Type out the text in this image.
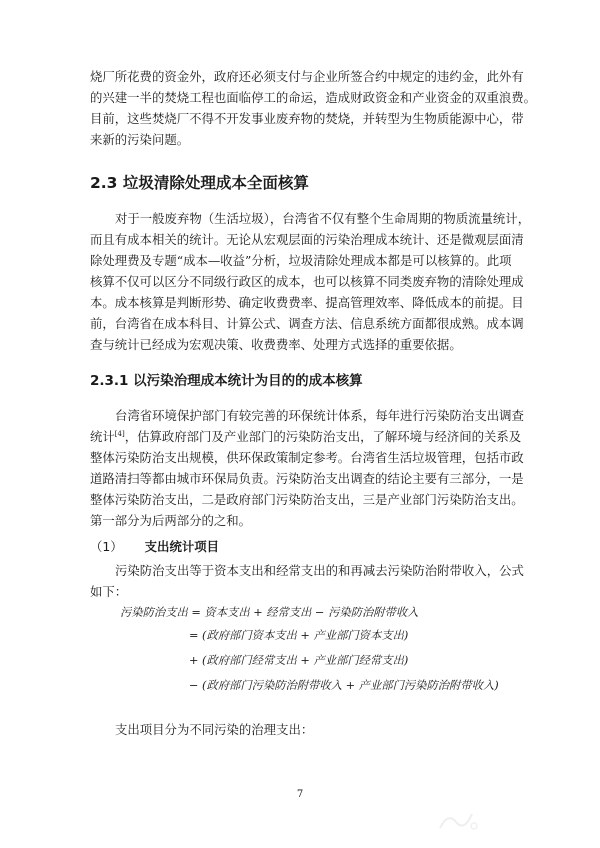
烧厂所花费的资金外，政府还必须支付与企业所签合约中规定的违约金，此外有
的兴建一半的焚烧工程也面临停工的命运，造成财政资金和产业资金的双重浪费。
目前，这些焚烧厂不得不开发事业废弃物的焚烧，并转型为生物质能源中心，带
来新的污染问题。
2.3 垃圾清除处理成本全面核算
对于一般废弃物（生活垃圾），台湾省不仅有整个生命周期的物质流量统计，
而且有成本相关的统计。无论从宏观层面的污染治理成本统计、还是微观层面清
除处理费及专题“成本—收益”分析，垃圾清除处理成本都是可以核算的。此项
核算不仅可以区分不同级行政区的成本，也可以核算不同类废弃物的清除处理成
本。成本核算是判断形势、确定收费费率、提高管理效率、降低成本的前提。目
前，台湾省在成本科目、计算公式、调查方法、信息系统方面都很成熟。成本调
查与统计已经成为宏观决策、收费费率、处理方式选择的重要依据。
2.3.1 以污染治理成本统计为目的的成本核算
台湾省环境保护部门有较完善的环保统计体系，每年进行污染防治支出调查
统计[4]，估算政府部门及产业部门的污染防治支出，了解环境与经济间的关系及
整体污染防治支出规模，供环保政策制定参考。台湾省生活垃圾管理，包括市政
道路清扫等都由城市环保局负责。污染防治支出调查的结论主要有三部分，一是
整体污染防治支出，二是政府部门污染防治支出，三是产业部门污染防治支出。
第一部分为后两部分的之和。
（1） 支出统计项目
污染防治支出等于资本支出和经常支出的和再减去污染防治附带收入，公式
如下：
污染防治支出 = 资本支出 + 经常支出 − 污染防治附带收入
= (政府部门资本支出 + 产业部门资本支出)
+ (政府部门经常支出 + 产业部门经常支出)
− (政府部门污染防治附带收入 + 产业部门污染防治附带收入)
支出项目分为不同污染的治理支出：
7
